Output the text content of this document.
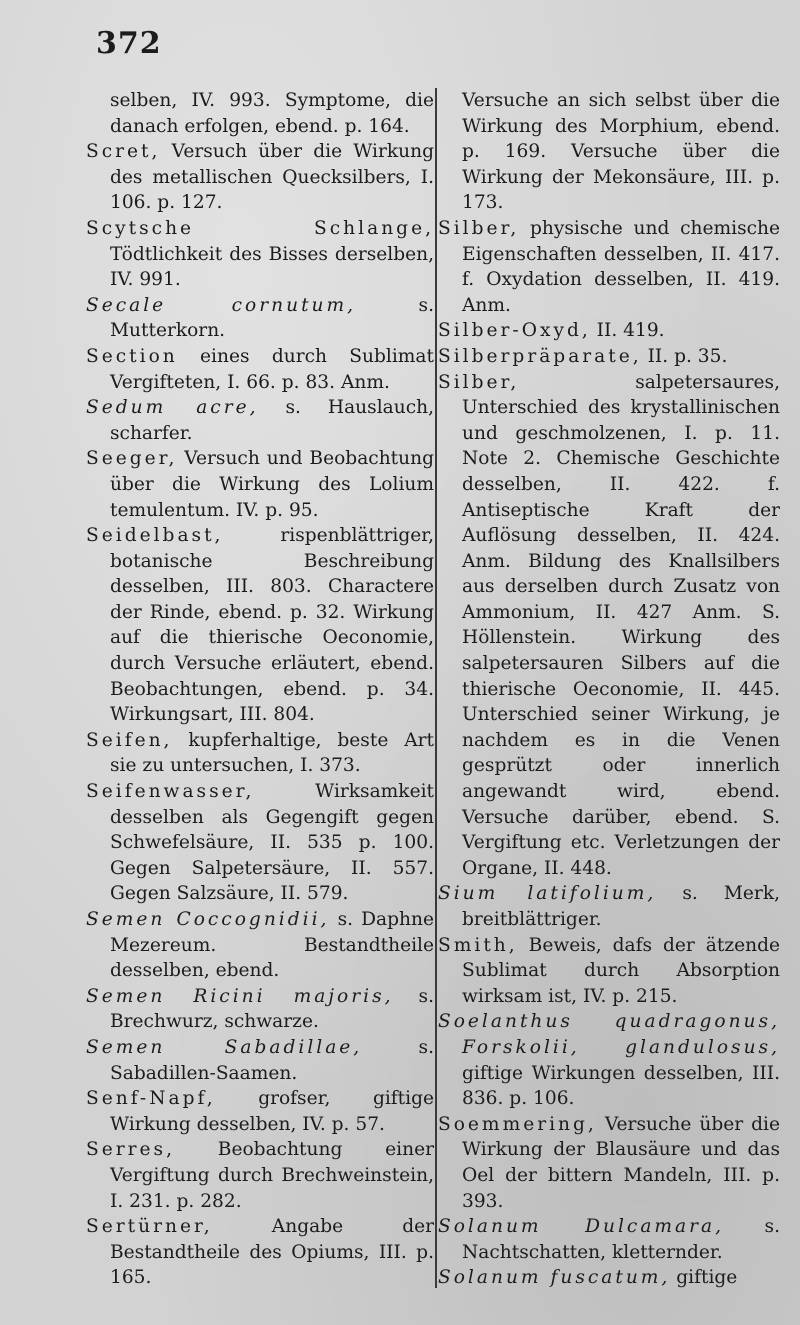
372
selben, IV. 993. Symptome, die danach erfolgen, ebend. p. 164.
Scret, Versuch über die Wirkung des metallischen Quecksilbers, I. 106. p. 127.
Scytsche Schlange, Tödtlichkeit des Bisses derselben, IV. 991.
Secale cornutum, s. Mutterkorn.
Section eines durch Sublimat Vergifteten, I. 66. p. 83. Anm.
Sedum acre, s. Hauslauch, scharfer.
Seeger, Versuch und Beobachtung über die Wirkung des Lolium temulentum. IV. p. 95.
Seidelbast, rispenblättriger, botanische Beschreibung desselben, III. 803. Charactere der Rinde, ebend. p. 32. Wirkung auf die thierische Oeconomie, durch Versuche erläutert, ebend. Beobachtungen, ebend. p. 34. Wirkungsart, III. 804.
Seifen, kupferhaltige, beste Art sie zu untersuchen, I. 373.
Seifenwasser, Wirksamkeit desselben als Gegengift gegen Schwefelsäure, II. 535 p. 100. Gegen Salpetersäure, II. 557. Gegen Salzsäure, II. 579.
Semen Coccognidii, s. Daphne Mezereum. Bestandtheile desselben, ebend.
Semen Ricini majoris, s. Brechwurz, schwarze.
Semen Sabadillae, s. Sabadillen-Saamen.
Senf-Napf, grofser, giftige Wirkung desselben, IV. p. 57.
Serres, Beobachtung einer Vergiftung durch Brechweinstein, I. 231. p. 282.
Sertürner, Angabe der Bestandtheile des Opiums, III. p. 165.
Versuche an sich selbst über die Wirkung des Morphium, ebend. p. 169. Versuche über die Wirkung der Mekonsäure, III. p. 173.
Silber, physische und chemische Eigenschaften desselben, II. 417. f. Oxydation desselben, II. 419. Anm.
Silber-Oxyd, II. 419.
Silberpräparate, II. p. 35.
Silber, salpetersaures, Unterschied des krystallinischen und geschmolzenen, I. p. 11. Note 2. Chemische Geschichte desselben, II. 422. f. Antiseptische Kraft der Auflösung desselben, II. 424. Anm. Bildung des Knallsilbers aus derselben durch Zusatz von Ammonium, II. 427 Anm. S. Höllenstein. Wirkung des salpetersauren Silbers auf die thierische Oeconomie, II. 445. Unterschied seiner Wirkung, je nachdem es in die Venen gesprützt oder innerlich angewandt wird, ebend. Versuche darüber, ebend. S. Vergiftung etc. Verletzungen der Organe, II. 448.
Sium latifolium, s. Merk, breitblättriger.
Smith, Beweis, dafs der ätzende Sublimat durch Absorption wirksam ist, IV. p. 215.
Soelanthus quadragonus, Forskolii, glandulosus, giftige Wirkungen desselben, III. 836. p. 106.
Soemmering, Versuche über die Wirkung der Blausäure und das Oel der bittern Mandeln, III. p. 393.
Solanum Dulcamara, s. Nachtschatten, kletternder.
Solanum fuscatum, giftige
